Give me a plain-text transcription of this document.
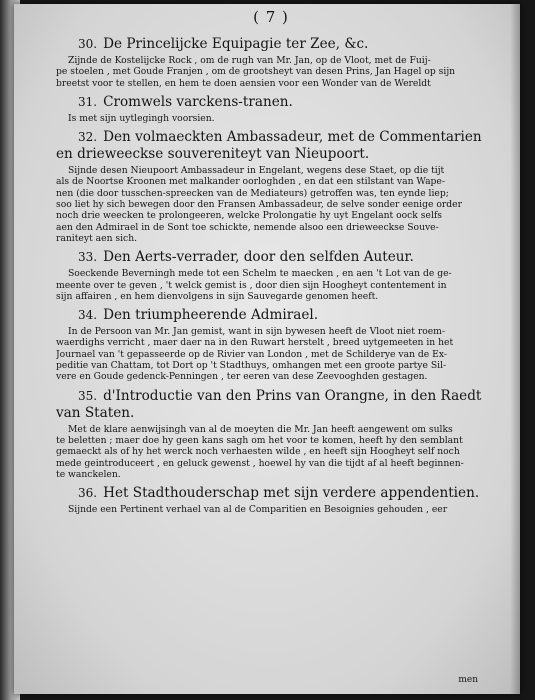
( 7 )
30. De Princelijcke Equipagie ter Zee, &c.
Zijnde de Kostelijcke Rock , om de rugh van Mr. Jan, op de Vloot, met de Fuij-
pe stoelen , met Goude Franjen , om de grootsheyt van desen Prins, Jan Hagel op sijn
breetst voor te stellen, en hem te doen aensien voor een Wonder van de Wereldt
31. Cromwels varckens-tranen.
Is met sijn uytlegingh voorsien.
32. Den volmaeckten Ambassadeur, met de Commentarien en drieweeckse souvereniteyt van Nieupoort.
Sijnde desen Nieupoort Ambassadeur in Engelant, wegens dese Staet, op die tijt
als de Noortse Kroonen met malkander oorloghden , en dat een stilstant van Wape-
nen (die door tusschen-spreecken van de Mediateurs) getroffen was, ten eynde liep;
soo liet hy sich bewegen door den Fransen Ambassadeur, de selve sonder eenige order
noch drie weecken te prolongeeren, welcke Prolongatie hy uyt Engelant oock selfs
aen den Admirael in de Sont toe schickte, nemende alsoo een drieweeckse Souve-
raniteyt aen sich.
33. Den Aerts-verrader, door den selfden Auteur.
Soeckende Beverningh mede tot een Schelm te maecken , en aen 't Lot van de ge-
meente over te geven , 't welck gemist is , door dien sijn Hoogheyt contentement in
sijn affairen , en hem dienvolgens in sijn Sauvegarde genomen heeft.
34. Den triumpheerende Admirael.
In de Persoon van Mr. Jan gemist, want in sijn bywesen heeft de Vloot niet roem-
waerdighs verricht , maer daer na in den Ruwart herstelt , breed uytgemeeten in het
Journael van 't gepasseerde op de Rivier van London , met de Schilderye van de Ex-
peditie van Chattam, tot Dort op 't Stadthuys, omhangen met een groote partye Sil-
vere en Goude gedenck-Penningen , ter eeren van dese Zeevooghden gestagen.
35. d'Introductie van den Prins van Orangne, in den Raedt van Staten.
Met de klare aenwijsingh van al de moeyten die Mr. Jan heeft aengewent om sulks
te beletten ; maer doe hy geen kans sagh om het voor te komen, heeft hy den semblant
gemaeckt als of hy het werck noch verhaesten wilde , en heeft sijn Hoogheyt self noch
mede geintroduceert , en geluck gewenst , hoewel hy van die tijdt af al heeft beginnen-
te wanckelen.
36. Het Stadthouderschap met sijn verdere appendentien.
Sijnde een Pertinent verhael van al de Comparitien en Besoignies gehouden , eer
men
